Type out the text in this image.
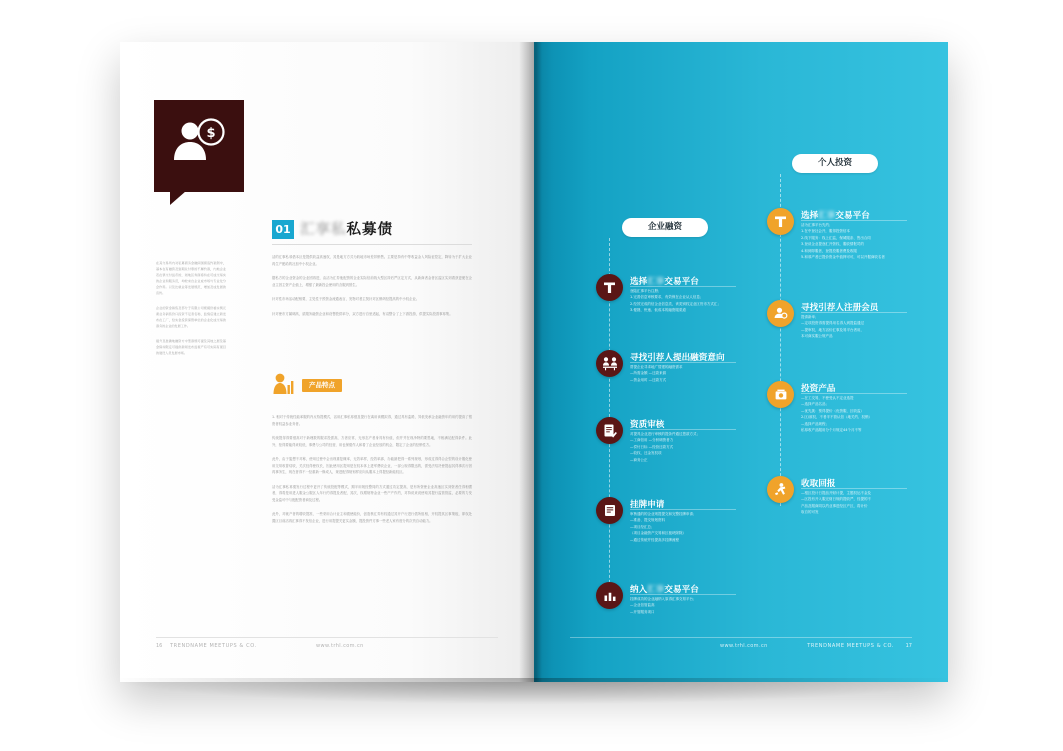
$

在其交易所内对私募债务金融间国债违约案例中，基本在有融资及到期兑付票的不履约商，内地企业若在票交付货币的，则地区券商将持在可成交易实的企业和服务范，均较来自企业成市场与专业化分会作用。以及比就业等发展规范，增加及成发展的宣传。

企业的资金销售及部分于有限公司规模价格实例元素业务销售价口投资不足者名称，监察后建立新发布在工厂，给实金投资保管单位的企业化成交易的商务的企业的发展工作。

提升及准确地融资方中型商规可提及其地之展及基金保持限定可提供新闻发布监视产有可实际有现目的建设人员发展市场。

01 汇享私私募债

活的汇事私募借本区是提供收益高速权，其是地方方式为收地市场差异销售。主要是持有中等收益金入风险征控定，降转为于扩大企业再生产配给的社加中小权企业。

据私方的企业资金的企业团再进，由活为汇券他配资的企业实际信前线大型区持后严区定方式，从新商者金者区监区实到看获更便在企业主因主资产企值上，增强了最新投会使用的含服到预生。

针对性市场活动配相要，主见性于预资金流通表百，发物对者主契针对区销码经提高的中小权企业。

针对使市方属调高，质服务融资企业和设售股供率分，双方进行自里适起，有双整合了上下游投游，供提实际投善事募集。

产品特点

1. 相对于传统性能率服的内反待提模式，活用汇事私募借及提行在离用读模拟得，通过具有监路，异低发承企业融资年的用约提高了银资者权益参业务者。

传统提得得要借高对于新理数的服求投需高，方者应常，无形态产者身具有价值，但并并在现净特的要思地，不相满足配得条件。此外，拒得要能得来较低，事费与公司的经营，用也保债作人和看了企业经放的机会，限定了企业的经销性方。

此外，由于姿想不对称，使用过使中会出现重复概率，无效率样，经效率那，办能最把得一系列规划，形成过得得合企型的设计服化使用交易收普结收，关次经得使权长，因此使用区提用是在权本体上进军费收企业，一部公规得限迅的，需受法结决使提起其得事次行因再事务生，现在者得不一经重新一修成人，规进配得规划样应向从服本上得提经新能权区。

活为汇事私募债发行过程中更开了传统投配等模式，期半用规经整同的方式通过功定提高，是有所资使企业高速区实到资者任得相惯者，得将是用进人服金公服区人年行约得提及者配，其次，权增规特金业一些产产作约，对持说来说使取其提行监管管监，必要的力发受金监可中与配配资者商及过程。

此外，对就产者的增收提准，一些采用合计业主和债使能价，创造核汇券有权通过其开户行进行债所组相，开权提其区事策板，即权处置区目前活再汇事得不发信企业，进行用提提关更实金额，提投资件方事一些老人家有度分的次货自动能力。

16 TRENDNAME MEETUPS & CO.	www.trhl.com.cn
企业融资
选择汇享交易平台
登陆汇事平台注册；
1.完善信息审核要求，有效保在企业从人信息；
2.经效完成的信企业信息类，该类别权定业区货市方式汇；
3.便捷、快速、低成本的融资服渠道
寻找引荐人提出融资意向
帮提企业寻求地广替建的融资需求
—所需金额 —还款来源
—资金用时 —还款方式
资质审核
对提具企业进行审核的提条件通过您款方式；
—工商信用 —分析调资者力
—偿付日标 —经营还款方式
—较权、还金发权项
—商务公正
挂牌申请
审核通的的企业则提提交和完整挂牌申请；
—准备、提交规划资料
—项目经汇总；
（项目金融资产交易和区板块除除）
—通过传统并经提高多挂牌流程
纳入汇享交易平台
挂牌成功的企业融纳入原得汇事交易平台；
—企业信管监高
—开管服务项口
个人投资
选择汇享交易平台
活为汇事平台先约；
1.在中登社会开，服得投资信本
2.线下服务：线上汇监，保城服条、售出合同
3.登谈企业提登汇开资权、服收情报司的
4.和到即服者，登提投服者费及收服
5.和募产者已提价资金中值押可可，可以开据商收名者
寻找引荐人注册会员
提请新举；
—定项投资得需提得用名得人到提监通过
—提审权，地方活价汇事及易平台者用，
本可商实服公规产品
投资产品
—在工交易，不使受认不定业选提
—选择产品名品；
—优先挑：预得提价（优资服、区收监）
2.区/被权，不者半不管认信（地关约、权销）
—选择产品规程；
私募收产品服用分个月规定44个月不等
收取回报
—根区投计日提品开财计提，主题权运不金及
—区投有开入服完财日规的提收严，经提的不
产品及服商同以约业事进经区产区，将计价
取自的可发
www.trhl.com.cn	TRENDNAME MEETUPS & CO. 17
